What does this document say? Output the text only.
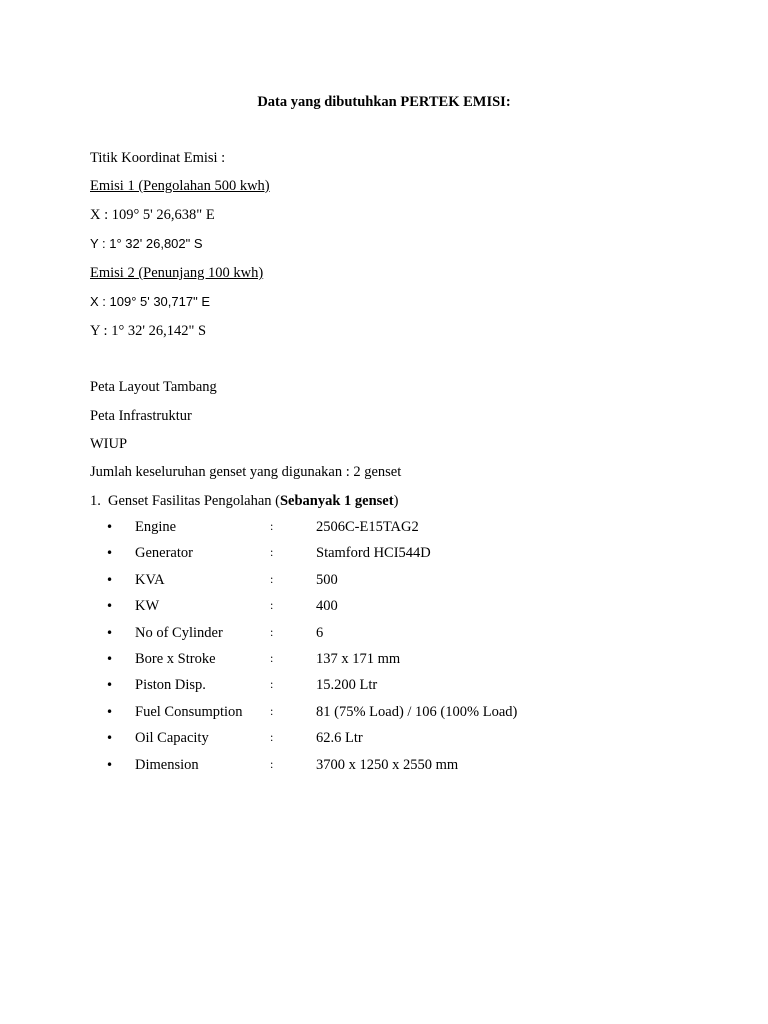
Data yang dibutuhkan PERTEK EMISI:
Titik Koordinat Emisi :
Emisi 1 (Pengolahan 500 kwh)
X : 109° 5' 26,638" E
Y : 1° 32' 26,802" S
Emisi 2 (Penunjang 100 kwh)
X : 109° 5' 30,717" E
Y : 1° 32' 26,142" S
Peta Layout Tambang
Peta Infrastruktur
WIUP
Jumlah keseluruhan genset yang digunakan : 2 genset
1. Genset Fasilitas Pengolahan (Sebanyak 1 genset)
• Engine	:	2506C-E15TAG2
• Generator	:	Stamford HCI544D
• KVA	:	500
• KW	:	400
• No of Cylinder	:	6
• Bore x Stroke	:	137 x 171 mm
• Piston Disp.	:	15.200 Ltr
• Fuel Consumption :	81 (75% Load) / 106 (100% Load)
• Oil Capacity	:	62.6 Ltr
• Dimension	:	3700 x 1250 x 2550 mm
